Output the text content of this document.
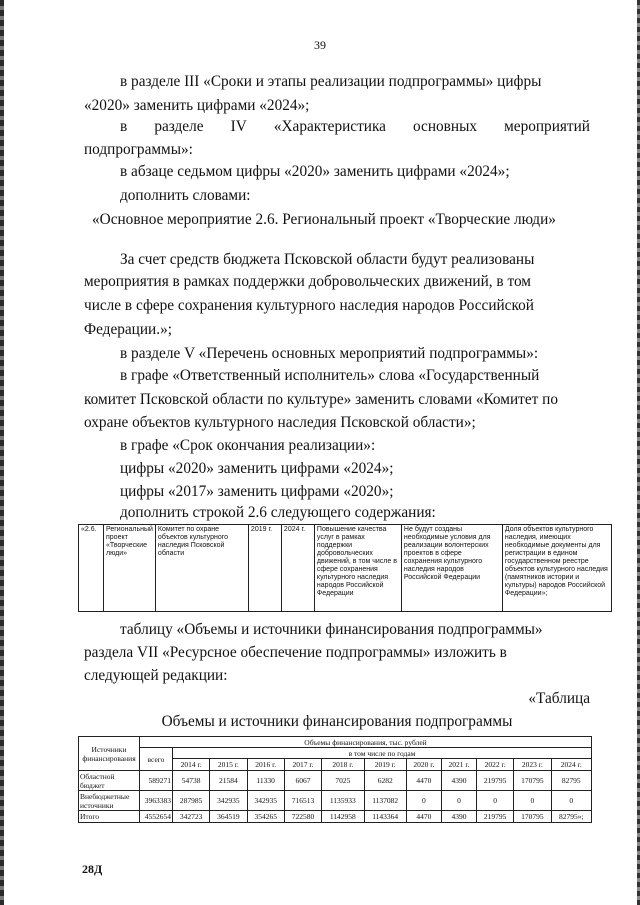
39
в разделе III «Сроки и этапы реализации подпрограммы» цифры
«2020» заменить цифрами «2024»;
в разделе IV «Характеристика основных мероприятий
подпрограммы»:
в абзаце седьмом цифры «2020» заменить цифрами «2024»;
дополнить словами:
«Основное мероприятие 2.6. Региональный проект «Творческие люди»
За счет средств бюджета Псковской области будут реализованы
мероприятия в рамках поддержки добровольческих движений, в том
числе в сфере сохранения культурного наследия народов Российской
Федерации.»;
в разделе V «Перечень основных мероприятий подпрограммы»:
в графе «Ответственный исполнитель» слова «Государственный
комитет Псковской области по культуре» заменить словами «Комитет по
охране объектов культурного наследия Псковской области»;
в графе «Срок окончания реализации»:
цифры «2020» заменить цифрами «2024»;
цифры «2017» заменить цифрами «2020»;
дополнить строкой 2.6 следующего содержания:
«2.6.	Региональный проект «Творческие люди»	Комитет по охране объектов культурного наследия Псковской области	2019 г.	2024 г.	Повышение качества услуг в рамках поддержки добровольческих движений, в том числе в сфере сохранения культурного наследия народов Российской Федерации	Не будут созданы необходимые условия для реализации волонтерских проектов в сфере сохранения культурного наследия народов Российской Федерации	Доля объектов культурного наследия, имеющих необходимые документы для регистрации в едином государственном реестре объектов культурного наследия (памятников истории и культуры) народов Российской Федерации»;
таблицу «Объемы и источники финансирования подпрограммы»
раздела VII «Ресурсное обеспечение подпрограммы» изложить в
следующей редакции:
«Таблица
Объемы и источники финансирования подпрограммы
Источники финансирования	Объемы финансирования, тыс. рублей											
	всего	в том числе по годам										
		2014 г.	2015 г.	2016 г.	2017 г.	2018 г.	2019 г.	2020 г.	2021 г.	2022 г.	2023 г.	2024 г.
Областной бюджет	589271	54738	21584	11330	6067	7025	6282	4470	4390	219795	170795	82795
Внебюджетные источники	3963383	287985	342935	342935	716513	1135933	1137082	0	0	0	0	0
Итого	4552654	342723	364519	354265	722580	1142958	1143364	4470	4390	219795	170795	82795»;
28Д
